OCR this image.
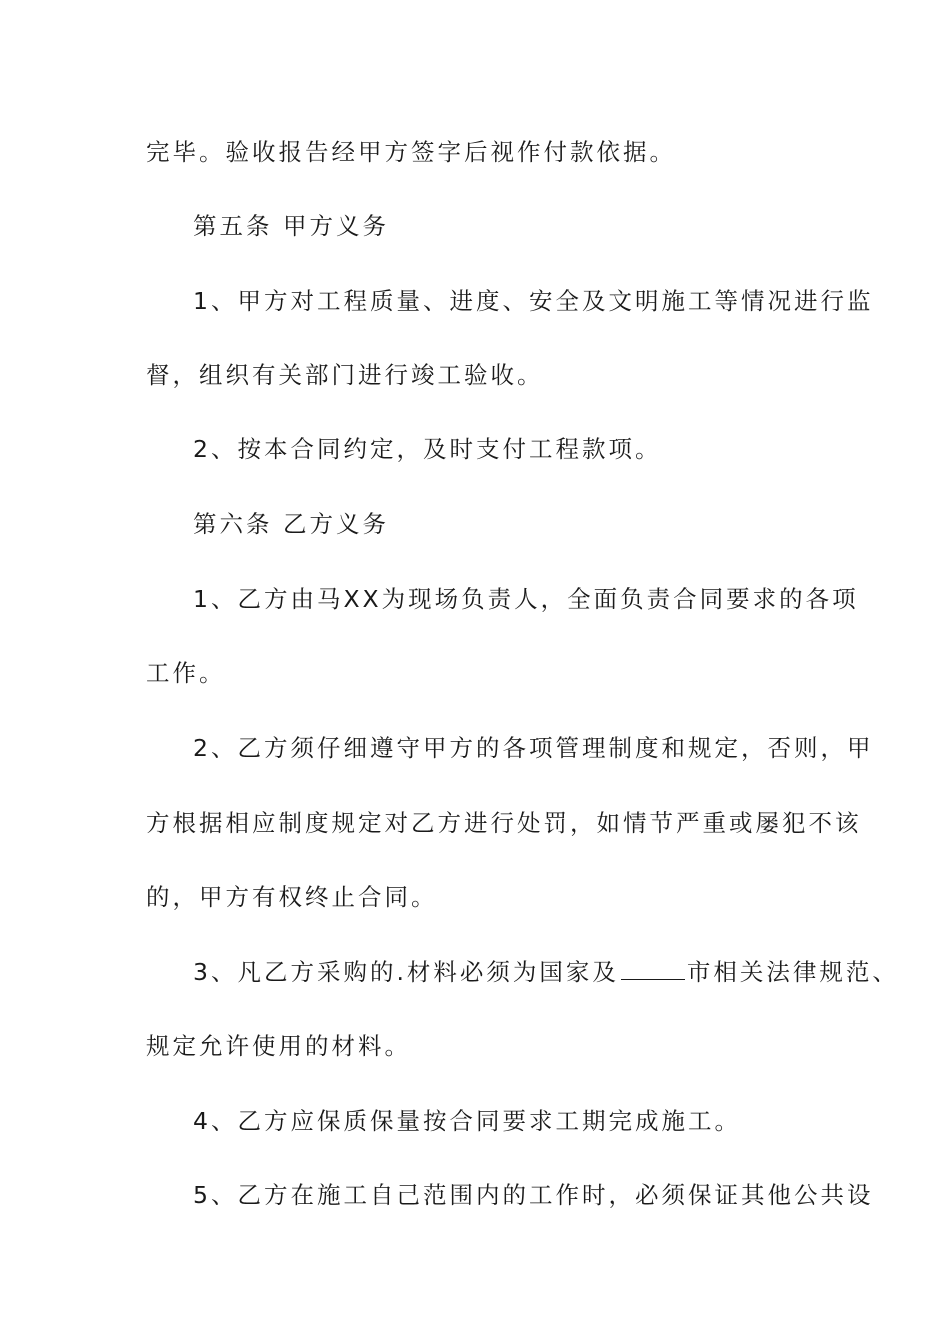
完毕。验收报告经甲方签字后视作付款依据。
第五条 甲方义务
1、甲方对工程质量、进度、安全及文明施工等情况进行监
督，组织有关部门进行竣工验收。
2、按本合同约定，及时支付工程款项。
第六条 乙方义务
1、乙方由马XX为现场负责人，全面负责合同要求的各项
工作。
2、乙方须仔细遵守甲方的各项管理制度和规定，否则，甲
方根据相应制度规定对乙方进行处罚，如情节严重或屡犯不该
的，甲方有权终止合同。
3、凡乙方采购的.材料必须为国家及	市相关法律规范、
规定允许使用的材料。
4、乙方应保质保量按合同要求工期完成施工。
5、乙方在施工自己范围内的工作时，必须保证其他公共设
